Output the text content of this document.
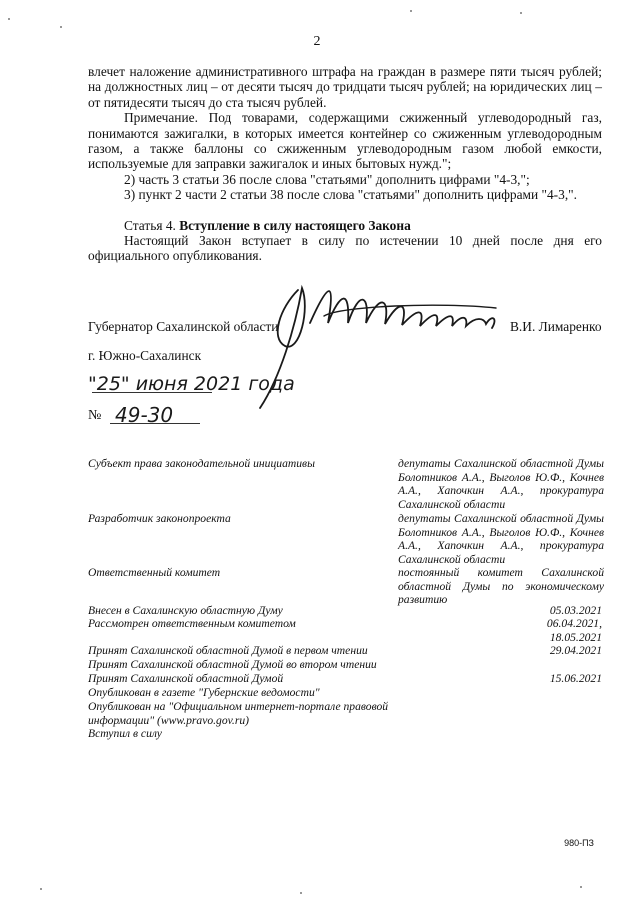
2

влечет наложение административного штрафа на граждан в размере пяти тысяч рублей; на должностных лиц – от десяти тысяч до тридцати тысяч рублей; на юридических лиц – от пятидесяти тысяч до ста тысяч рублей.

Примечание. Под товарами, содержащими сжиженный углеводородный газ, понимаются зажигалки, в которых имеется контейнер со сжиженным углеводородным газом, а также баллоны со сжиженным углеводородным газом любой емкости, используемые для заправки зажигалок и иных бытовых нужд.";

2) часть 3 статьи 36 после слова "статьями" дополнить цифрами "4-3,";

3) пункт 2 части 2 статьи 38 после слова "статьями" дополнить цифрами "4-3,".

Статья 4. Вступление в силу настоящего Закона

Настоящий Закон вступает в силу по истечении 10 дней после дня его официального опубликования.

Губернатор Сахалинской области	В.И. Лимаренко
г. Южно-Сахалинск
"25" июня 2021 года
№ 49-30
Субъект права законодательной инициативы	депутаты Сахалинской областной Думы Болотников А.А., Выголов Ю.Ф., Кочнев А.А., Хапочкин А.А., прокуратура Сахалинской области
Разработчик законопроекта	депутаты Сахалинской областной Думы Болотников А.А., Выголов Ю.Ф., Кочнев А.А., Хапочкин А.А., прокуратура Сахалинской области
Ответственный комитет	постоянный комитет Сахалинской областной Думы по экономическому развитию
Внесен в Сахалинскую областную Думу	05.03.2021
Рассмотрен ответственным комитетом	06.04.2021,
18.05.2021
Принят Сахалинской областной Думой в первом чтении	29.04.2021
Принят Сахалинской областной Думой во втором чтении
Принят Сахалинской областной Думой	15.06.2021
Опубликован в газете "Губернские ведомости"
Опубликован на "Официальном интернет-портале правовой информации" (www.pravo.gov.ru)
Вступил в силу
980-ПЗ
